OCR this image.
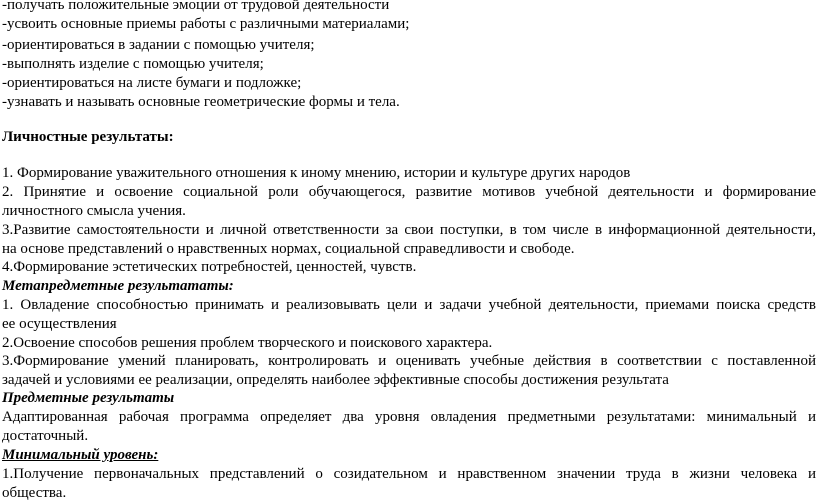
-получать положительные эмоции от трудовой деятельности
-усвоить основные приемы работы с различными материалами;
-ориентироваться в задании с помощью учителя;
-выполнять изделие с помощью учителя;
-ориентироваться на листе бумаги и подложке;
-узнавать и называть основные геометрические формы и тела.
Личностные результаты:
1. Формирование уважительного отношения к иному мнению, истории и культуре других народов
2. Принятие и освоение социальной роли обучающегося, развитие мотивов учебной деятельности и формирование
личностного смысла учения.
3.Развитие самостоятельности и личной ответственности за свои поступки, в том числе в информационной деятельности,
на основе представлений о нравственных нормах, социальной справедливости и свободе.
4.Формирование эстетических потребностей, ценностей, чувств.
Метапредметные результататы:
1. Овладение способностью принимать и реализовывать цели и задачи учебной деятельности, приемами поиска средств
ее осуществления
2.Освоение способов решения проблем творческого и поискового характера.
3.Формирование умений планировать, контролировать и оценивать учебные действия в соответствии с поставленной
задачей и условиями ее реализации, определять наиболее эффективные способы достижения результата
Предметные результаты
Адаптированная рабочая программа определяет два уровня овладения предметными результатами: минимальный и
достаточный.
Минимальный уровень:
1.Получение первоначальных представлений о созидательном и нравственном значении труда в жизни человека и
общества.
